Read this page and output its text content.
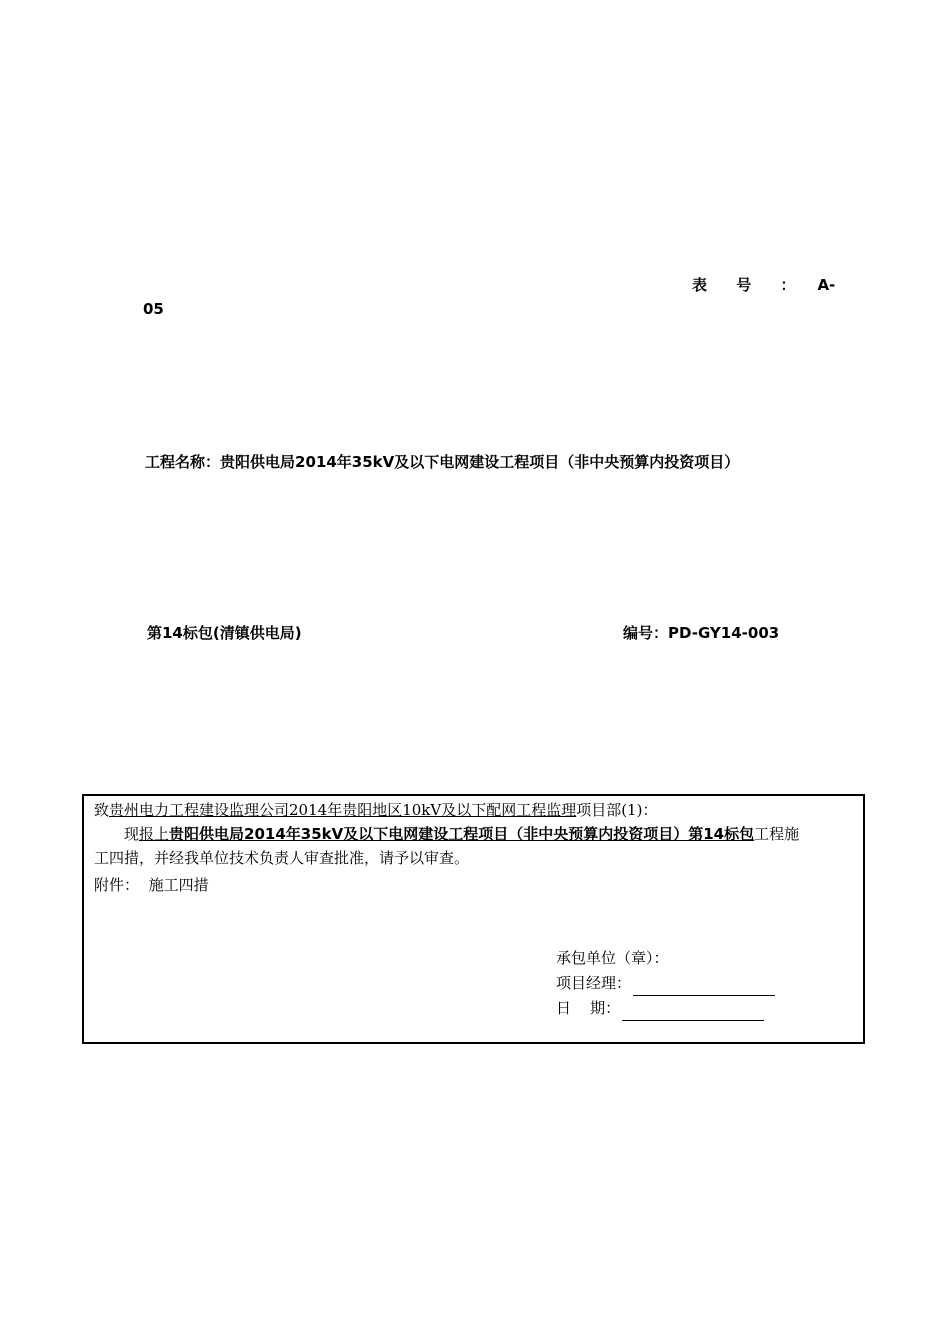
表 号 ： A-
05
工程名称：贵阳供电局2014年35kV及以下电网建设工程项目（非中央预算内投资项目）
第14标包(清镇供电局)	编号：PD-GY14-003
致贵州电力工程建设监理公司2014年贵阳地区10kV及以下配网工程监理项目部(1)：
现报上贵阳供电局2014年35kV及以下电网建设工程项目（非中央预算内投资项目）第14标包工程施
工四措，并经我单位技术负责人审查批准，请予以审查。
附件： 施工四措
承包单位（章）：
项目经理：
日    期：
